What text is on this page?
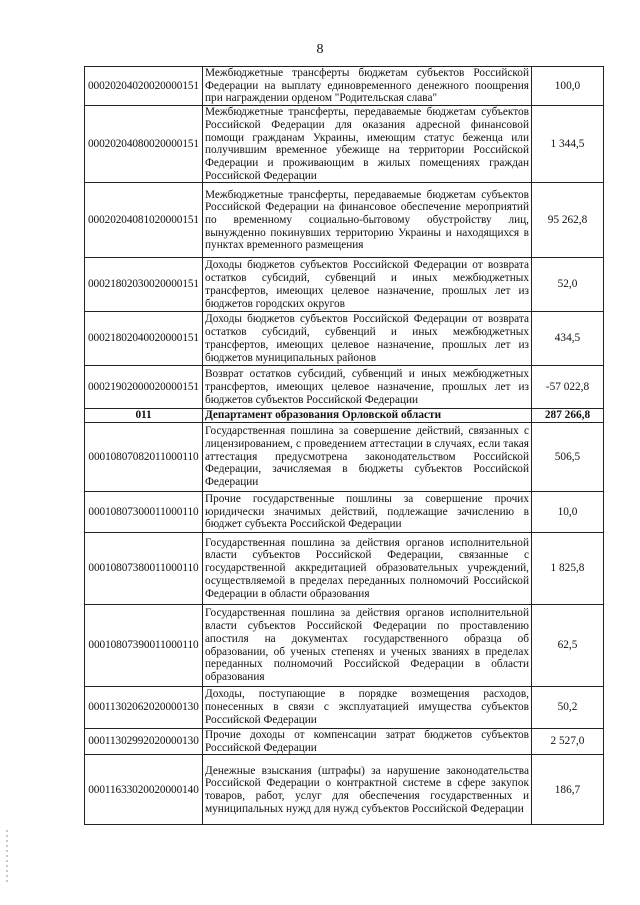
8
00020204020020000151	Межбюджетные трансферты бюджетам субъектов Российской Федерации на выплату единовременного денежного поощрения при награждении орденом "Родительская слава"	100,0
00020204080020000151	Межбюджетные трансферты, передаваемые бюджетам субъектов Российской Федерации для оказания адресной финансовой помощи гражданам Украины, имеющим статус беженца или получившим временное убежище на территории Российской Федерации и проживающим в жилых помещениях граждан Российской Федерации	1 344,5
00020204081020000151	Межбюджетные трансферты, передаваемые бюджетам субъектов Российской Федерации на финансовое обеспечение мероприятий по временному социально-бытовому обустройству лиц, вынужденно покинувших территорию Украины и находящихся в пунктах временного размещения	95 262,8
00021802030020000151	Доходы бюджетов субъектов Российской Федерации от возврата остатков субсидий, субвенций и иных межбюджетных трансфертов, имеющих целевое назначение, прошлых лет из бюджетов городских округов	52,0
00021802040020000151	Доходы бюджетов субъектов Российской Федерации от возврата остатков субсидий, субвенций и иных межбюджетных трансфертов, имеющих целевое назначение, прошлых лет из бюджетов муниципальных районов	434,5
00021902000020000151	Возврат остатков субсидий, субвенций и иных межбюджетных трансфертов, имеющих целевое назначение, прошлых лет из бюджетов субъектов Российской Федерации	-57 022,8
011	Департамент образования Орловской области	287 266,8
00010807082011000110	Государственная пошлина за совершение действий, связанных с лицензированием, с проведением аттестации в случаях, если такая аттестация предусмотрена законодательством Российской Федерации, зачисляемая в бюджеты субъектов Российской Федерации	506,5
00010807300011000110	Прочие государственные пошлины за совершение прочих юридически значимых действий, подлежащие зачислению в бюджет субъекта Российской Федерации	10,0
00010807380011000110	Государственная пошлина за действия органов исполнительной власти субъектов Российской Федерации, связанные с государственной аккредитацией образовательных учреждений, осуществляемой в пределах переданных полномочий Российской Федерации в области образования	1 825,8
00010807390011000110	Государственная пошлина за действия органов исполнительной власти субъектов Российской Федерации по проставлению апостиля на документах государственного образца об образовании, об ученых степенях и ученых званиях в пределах переданных полномочий Российской Федерации в области образования	62,5
00011302062020000130	Доходы, поступающие в порядке возмещения расходов, понесенных в связи с эксплуатацией имущества субъектов Российской Федерации	50,2
00011302992020000130	Прочие доходы от компенсации затрат бюджетов субъектов Российской Федерации	2 527,0
00011633020020000140	Денежные взыскания (штрафы) за нарушение законодательства Российской Федерации о контрактной системе в сфере закупок товаров, работ, услуг для обеспечения государственных и муниципальных нужд для нужд субъектов Российской Федерации	186,7
